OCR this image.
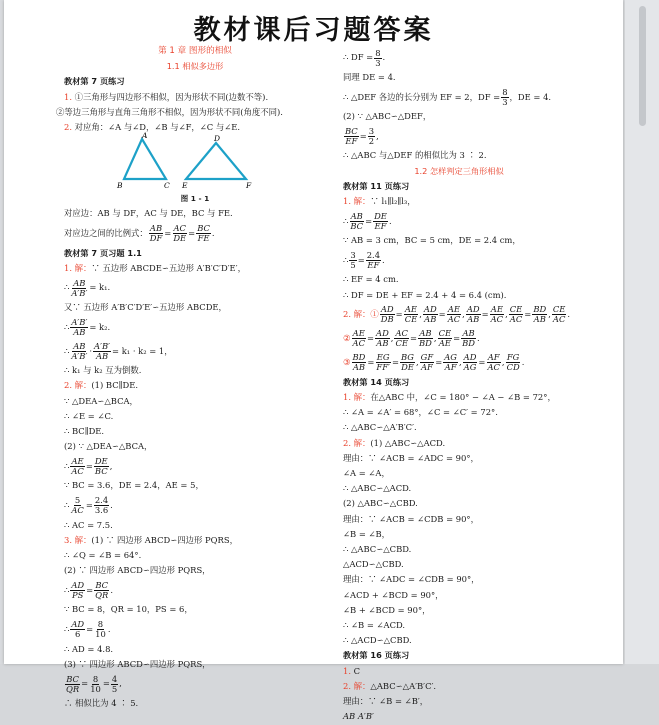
教材课后习题答案
第 1 章 图形的相似
1.1 相似多边形
教材第 7 页练习
1. ①三角形与四边形不相似，因为形状不同(边数不等).
②等边三角形与直角三角形不相似，因为形状不同(角度不同).
2. 对应角：∠A 与∠D，∠B 与∠F，∠C 与∠E.
A
B	C
D
E	F
图 1 - 1
对应边：AB 与 DF，AC 与 DE，BC 与 FE.
对应边之间的比例式： $\frac{AB}{DF} = \frac{AC}{DE} = \frac{BC}{FE}$ .
教材第 7 页习题 1.1
1. 解：∵ 五边形 ABCDE∽五边形 A′B′C′D′E′，
∴ $\frac{AB}{A'B'} = k_1$.
又∵ 五边形 A′B′C′D′E′∽五边形 ABCDE，
∴ $\frac{A'B'}{AB} = k_2$.
∴ $\frac{AB}{A'B'} \cdot \frac{A'B'}{AB} = k_1 \cdot k_2 = 1$，
∴ k₁ 与 k₂ 互为倒数.
2. 解：(1) BC∥DE.
∵ △DEA∽△BCA，
∴ ∠E = ∠C.
∴ BC∥DE.
(2) ∵ △DEA∽△BCA，
∴ $\frac{AE}{AC} = \frac{DE}{BC}$ ,
∵ BC = 3.6，DE = 2.4，AE = 5，
∴ $\frac{5}{AC} = \frac{2.4}{3.6}$ .
∴ AC = 7.5.
3. 解：(1) ∵ 四边形 ABCD∽四边形 PQRS，
∴ ∠Q = ∠B = 64°.
(2) ∵ 四边形 ABCD∽四边形 PQRS，
∴ $\frac{AD}{PS} = \frac{BC}{QR}$ .
∵ BC = 8，QR = 10，PS = 6，
∴ $\frac{AD}{6} = \frac{8}{10}$ .
∴ AD = 4.8.
(3) ∵ 四边形 ABCD∽四边形 PQRS，
$\frac{BC}{QR} = \frac{8}{10} = \frac{4}{5}$ ,
∴ 相似比为 4 ∶ 5.
∴ DF = $\frac{8}{3}$ .
同理 DE = 4.
∴ △DEF 各边的长分别为 EF = 2，DF = $\frac{8}{3}$ ，DE = 4.
(2) ∵ △ABC∽△DEF，
$\frac{BC}{EF} = \frac{3}{2}$ ,
∴ △ABC 与△DEF 的相似比为 3 ∶ 2.
1.2 怎样判定三角形相似
教材第 11 页练习
1. 解：∵ l₁∥l₂∥l₃，
∴ $\frac{AB}{BC} = \frac{DE}{EF}$ .
∵ AB = 3 cm，BC = 5 cm，DE = 2.4 cm，
∴ $\frac{3}{5} = \frac{2.4}{EF}$ .
∴ EF = 4 cm.
∴ DF = DE + EF = 2.4 + 4 = 6.4 (cm).
2. 解：① $\frac{AD}{DB} = \frac{AE}{CE}$ , $\frac{AD}{AB} = \frac{AE}{AC}$ , $\frac{AD}{AB} = \frac{AE}{AC}$ , $\frac{CE}{AC} = \frac{BD}{AB}$ , $\frac{CE}{AC}$ .
② $\frac{AE}{AC} = \frac{AD}{AB}$ , $\frac{AC}{CE} = \frac{AB}{BD}$ , $\frac{CE}{AE} = \frac{AB}{BD}$ .
③ $\frac{BD}{AB} = \frac{EG}{FF'} = \frac{BG}{DE}$ , $\frac{GF}{AF} = \frac{AG}{AF}$ , $\frac{AD}{AG} = \frac{AF}{AC}$ , $\frac{FG}{CD}$ .
教材第 14 页练习
1. 解：在△ABC 中，∠C = 180° − ∠A − ∠B = 72°，
∴ ∠A = ∠A′ = 68°，∠C = ∠C′ = 72°.
∴ △ABC∽△A′B′C′.
2. 解：(1) △ABC∽△ACD.
理由：∵ ∠ACB = ∠ADC = 90°，
∠A = ∠A，
∴ △ABC∽△ACD.
(2) △ABC∽△CBD.
理由：∵ ∠ACB = ∠CDB = 90°，
∠B = ∠B，
∴ △ABC∽△CBD.
△ACD∽△CBD.
理由：∵ ∠ADC = ∠CDB = 90°，
∠ACD + ∠BCD = 90°，
∠B + ∠BCD = 90°，
∴ ∠B = ∠ACD.
∴ △ACD∽△CBD.
教材第 16 页练习
1. C
2. 解：△ABC∽△A′B′C′.
理由：∵ ∠B = ∠B′，
AB A′B′
